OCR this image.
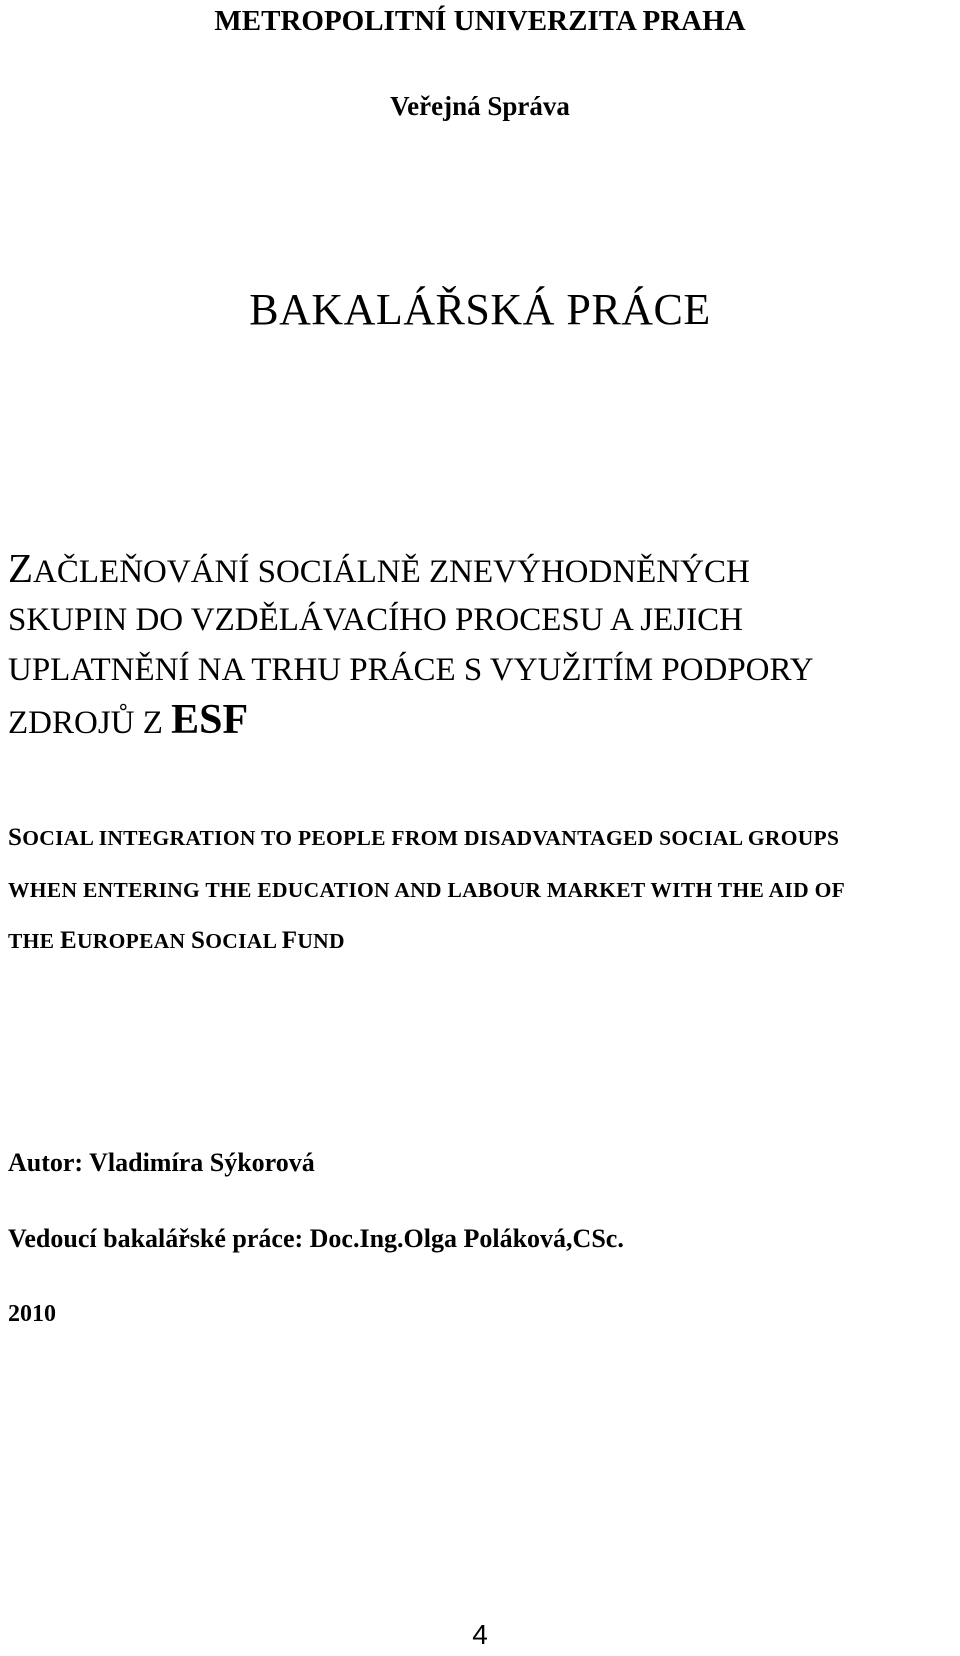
METROPOLITNÍ UNIVERZITA PRAHA
Veřejná Správa
BAKALÁŘSKÁ PRÁCE
ZAČLEŇOVÁNÍ SOCIÁLNĚ ZNEVÝHODNĚNÝCH
SKUPIN DO VZDĚLÁVACÍHO PROCESU A JEJICH
UPLATNĚNÍ NA TRHU PRÁCE S VYUŽITÍM PODPORY
ZDROJŮ Z ESF
SOCIAL INTEGRATION TO PEOPLE FROM DISADVANTAGED SOCIAL GROUPS
WHEN ENTERING THE EDUCATION AND LABOUR MARKET WITH THE AID OF
THE EUROPEAN SOCIAL FUND
Autor: Vladimíra Sýkorová
Vedoucí bakalářské práce: Doc.Ing.Olga Poláková,CSc.
2010
4
